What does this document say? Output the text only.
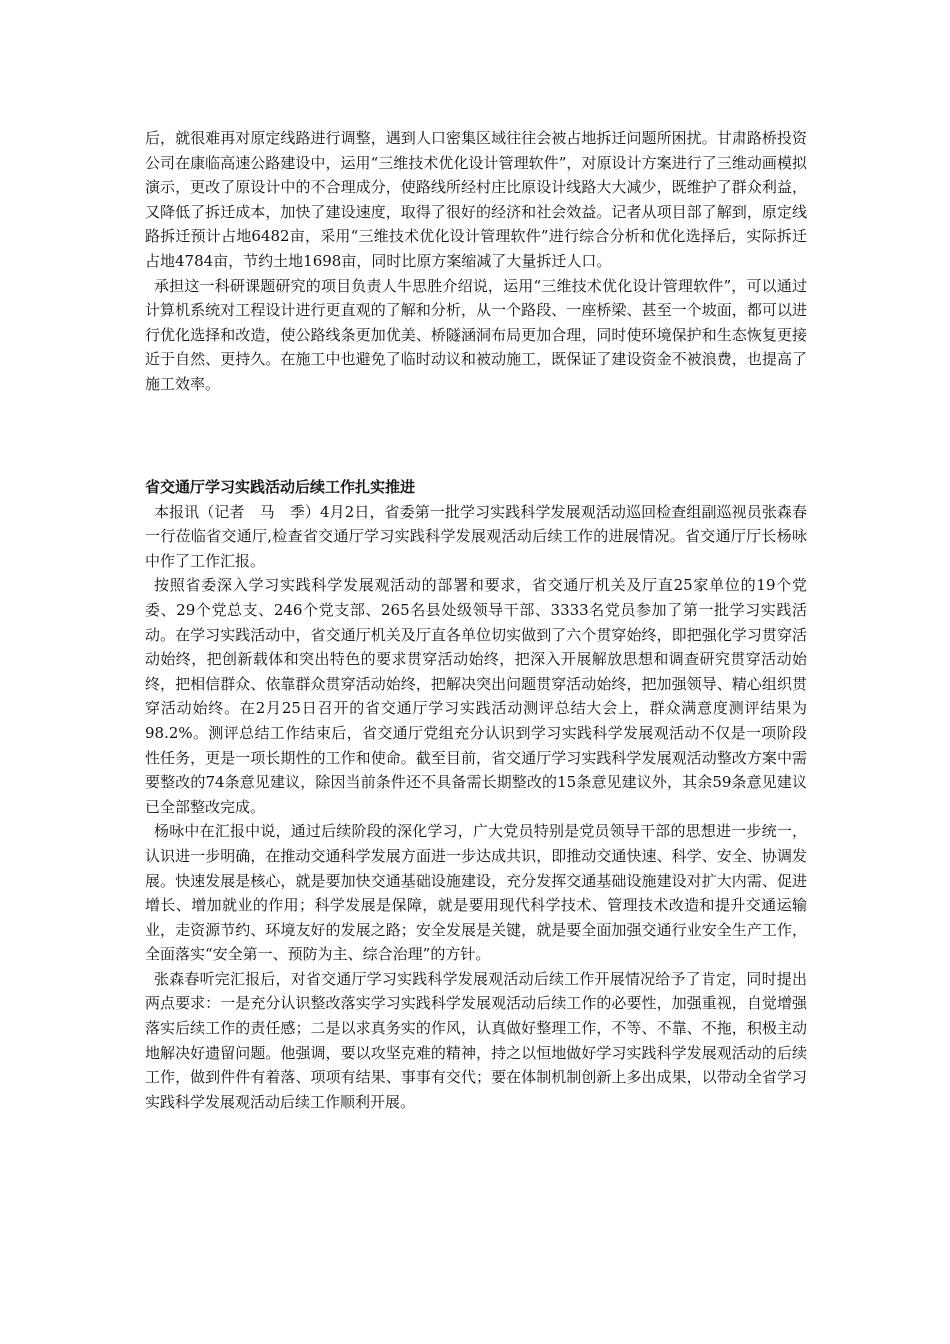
后，就很难再对原定线路进行调整，遇到人口密集区域往往会被占地拆迁问题所困扰。甘肃路桥投资公司在康临高速公路建设中，运用“三维技术优化设计管理软件”，对原设计方案进行了三维动画模拟演示，更改了原设计中的不合理成分，使路线所经村庄比原设计线路大大减少，既维护了群众利益，又降低了拆迁成本，加快了建设速度，取得了很好的经济和社会效益。记者从项目部了解到，原定线路拆迁预计占地6482亩，采用“三维技术优化设计管理软件”进行综合分析和优化选择后，实际拆迁占地4784亩，节约土地1698亩，同时比原方案缩减了大量拆迁人口。

承担这一科研课题研究的项目负责人牛思胜介绍说，运用“三维技术优化设计管理软件”，可以通过计算机系统对工程设计进行更直观的了解和分析，从一个路段、一座桥梁、甚至一个坡面，都可以进行优化选择和改造，使公路线条更加优美、桥隧涵洞布局更加合理，同时使环境保护和生态恢复更接近于自然、更持久。在施工中也避免了临时动议和被动施工，既保证了建设资金不被浪费，也提高了施工效率。

省交通厅学习实践活动后续工作扎实推进

本报讯（记者　马　季）4月2日，省委第一批学习实践科学发展观活动巡回检查组副巡视员张森春一行莅临省交通厅,检查省交通厅学习实践科学发展观活动后续工作的进展情况。省交通厅厅长杨咏中作了工作汇报。

按照省委深入学习实践科学发展观活动的部署和要求，省交通厅机关及厅直25家单位的19个党委、29个党总支、246个党支部、265名县处级领导干部、3333名党员参加了第一批学习实践活动。在学习实践活动中，省交通厅机关及厅直各单位切实做到了六个贯穿始终，即把强化学习贯穿活动始终，把创新载体和突出特色的要求贯穿活动始终，把深入开展解放思想和调查研究贯穿活动始终，把相信群众、依靠群众贯穿活动始终，把解决突出问题贯穿活动始终，把加强领导、精心组织贯穿活动始终。在2月25日召开的省交通厅学习实践活动测评总结大会上，群众满意度测评结果为98.2%。测评总结工作结束后，省交通厅党组充分认识到学习实践科学发展观活动不仅是一项阶段性任务，更是一项长期性的工作和使命。截至目前，省交通厅学习实践科学发展观活动整改方案中需要整改的74条意见建议，除因当前条件还不具备需长期整改的15条意见建议外，其余59条意见建议已全部整改完成。

杨咏中在汇报中说，通过后续阶段的深化学习，广大党员特别是党员领导干部的思想进一步统一，认识进一步明确，在推动交通科学发展方面进一步达成共识，即推动交通快速、科学、安全、协调发展。快速发展是核心，就是要加快交通基础设施建设，充分发挥交通基础设施建设对扩大内需、促进增长、增加就业的作用；科学发展是保障，就是要用现代科学技术、管理技术改造和提升交通运输业，走资源节约、环境友好的发展之路；安全发展是关键，就是要全面加强交通行业安全生产工作，全面落实“安全第一、预防为主、综合治理”的方针。

张森春听完汇报后，对省交通厅学习实践科学发展观活动后续工作开展情况给予了肯定，同时提出两点要求：一是充分认识整改落实学习实践科学发展观活动后续工作的必要性，加强重视，自觉增强落实后续工作的责任感；二是以求真务实的作风，认真做好整理工作，不等、不靠、不拖，积极主动地解决好遗留问题。他强调，要以攻坚克难的精神，持之以恒地做好学习实践科学发展观活动的后续工作，做到件件有着落、项项有结果、事事有交代；要在体制机制创新上多出成果，以带动全省学习实践科学发展观活动后续工作顺利开展。
